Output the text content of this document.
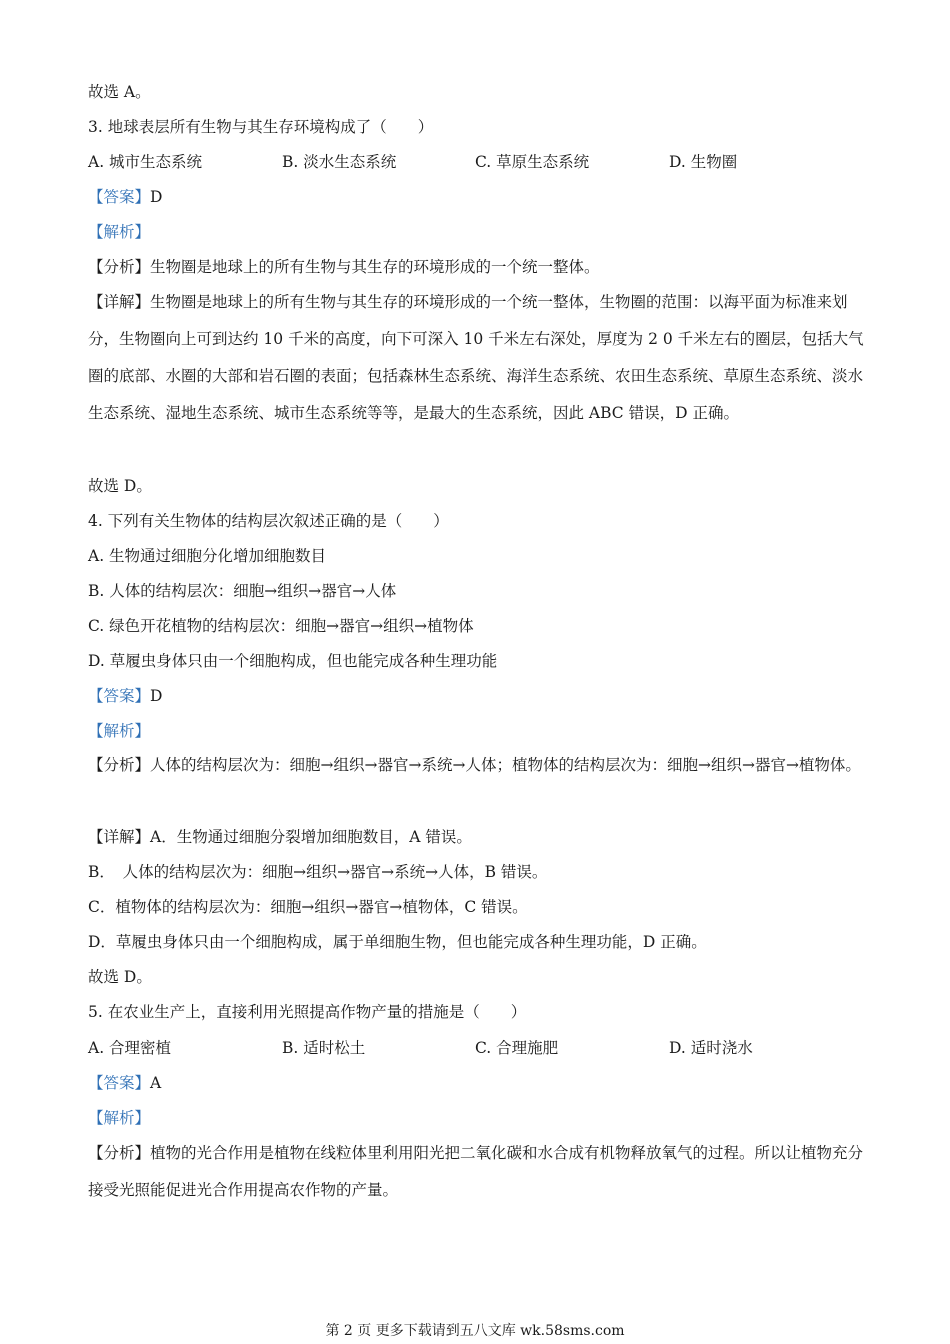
故选 A。
3. 地球表层所有生物与其生存环境构成了（　　）
A. 城市生态系统	B. 淡水生态系统	C. 草原生态系统	D. 生物圈
【答案】D
【解析】
【分析】生物圈是地球上的所有生物与其生存的环境形成的一个统一整体。
【详解】生物圈是地球上的所有生物与其生存的环境形成的一个统一整体，生物圈的范围：以海平面为标准来划分，生物圈向上可到达约 10 千米的高度，向下可深入 10 千米左右深处，厚度为 2 0 千米左右的圈层，包括大气圈的底部、水圈的大部和岩石圈的表面；包括森林生态系统、海洋生态系统、农田生态系统、草原生态系统、淡水生态系统、湿地生态系统、城市生态系统等等，是最大的生态系统，因此 ABC 错误，D 正确。
故选 D。
4. 下列有关生物体的结构层次叙述正确的是（　　）
A. 生物通过细胞分化增加细胞数目
B. 人体的结构层次：细胞→组织→器官→人体
C. 绿色开花植物的结构层次：细胞→器官→组织→植物体
D. 草履虫身体只由一个细胞构成，但也能完成各种生理功能
【答案】D
【解析】
【分析】人体的结构层次为：细胞→组织→器官→系统→人体；植物体的结构层次为：细胞→组织→器官→植物体。
【详解】A．生物通过细胞分裂增加细胞数目，A 错误。
B．　人体的结构层次为：细胞→组织→器官→系统→人体，B 错误。
C．植物体的结构层次为：细胞→组织→器官→植物体，C 错误。
D．草履虫身体只由一个细胞构成，属于单细胞生物，但也能完成各种生理功能，D 正确。
故选 D。
5. 在农业生产上，直接利用光照提高作物产量的措施是（　　）
A. 合理密植	B. 适时松土	C. 合理施肥	D. 适时浇水
【答案】A
【解析】
【分析】植物的光合作用是植物在线粒体里利用阳光把二氧化碳和水合成有机物释放氧气的过程。所以让植物充分接受光照能促进光合作用提高农作物的产量。
第 2 页 更多下载请到五八文库 wk.58sms.com
